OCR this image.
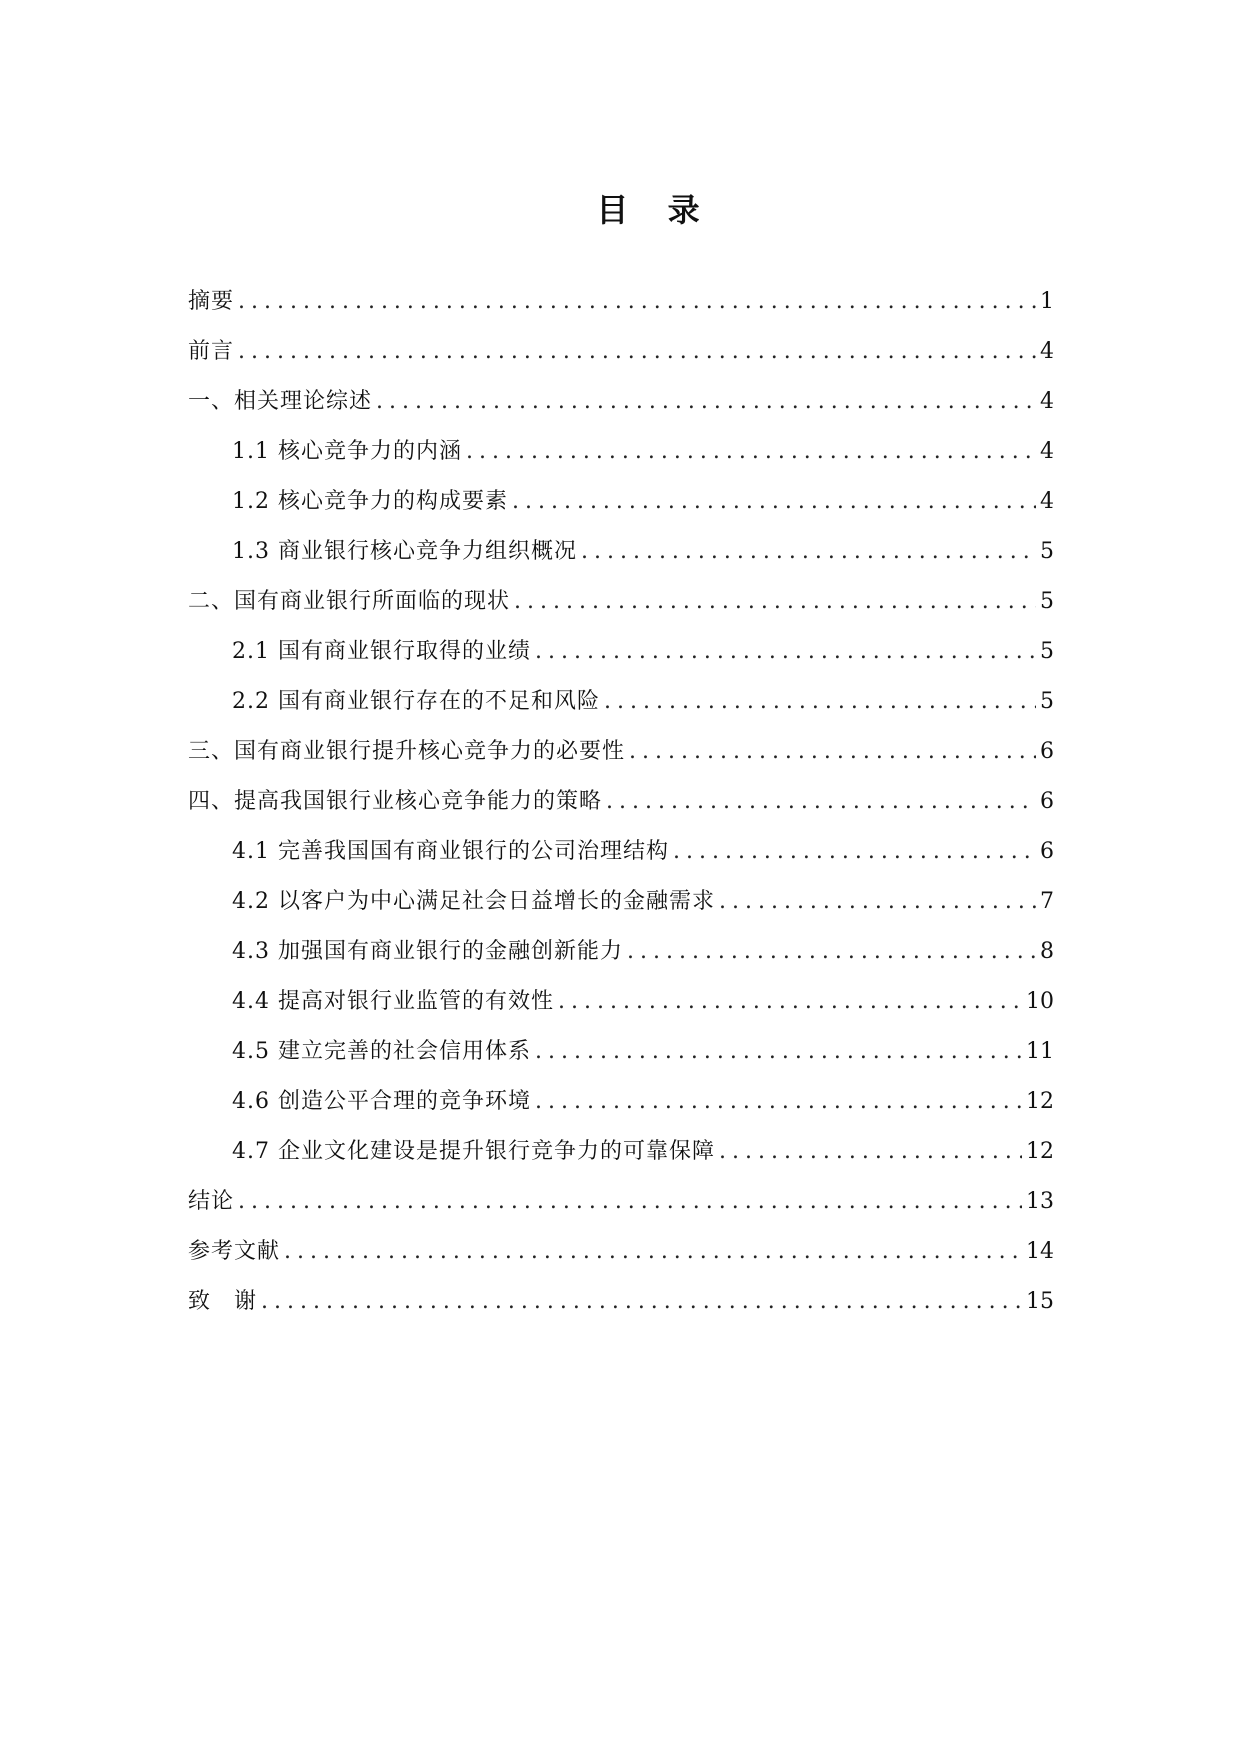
目 录
摘要 .....	1
前言 .....	4
一、相关理论综述 .....	4
1.1 核心竞争力的内涵 .....	4
1.2 核心竞争力的构成要素 .....	4
1.3 商业银行核心竞争力组织概况 .....	5
二、国有商业银行所面临的现状 .....	5
2.1 国有商业银行取得的业绩 .....	5
2.2 国有商业银行存在的不足和风险 .....	5
三、国有商业银行提升核心竞争力的必要性 .....	6
四、提高我国银行业核心竞争能力的策略 .....	6
4.1 完善我国国有商业银行的公司治理结构 .....	6
4.2 以客户为中心满足社会日益增长的金融需求 .....	7
4.3 加强国有商业银行的金融创新能力 .....	8
4.4 提高对银行业监管的有效性 .....	10
4.5 建立完善的社会信用体系 .....	11
4.6 创造公平合理的竞争环境 .....	12
4.7 企业文化建设是提升银行竞争力的可靠保障 .....	12
结论 .....	13
参考文献 .....	14
致　谢 .....	15
